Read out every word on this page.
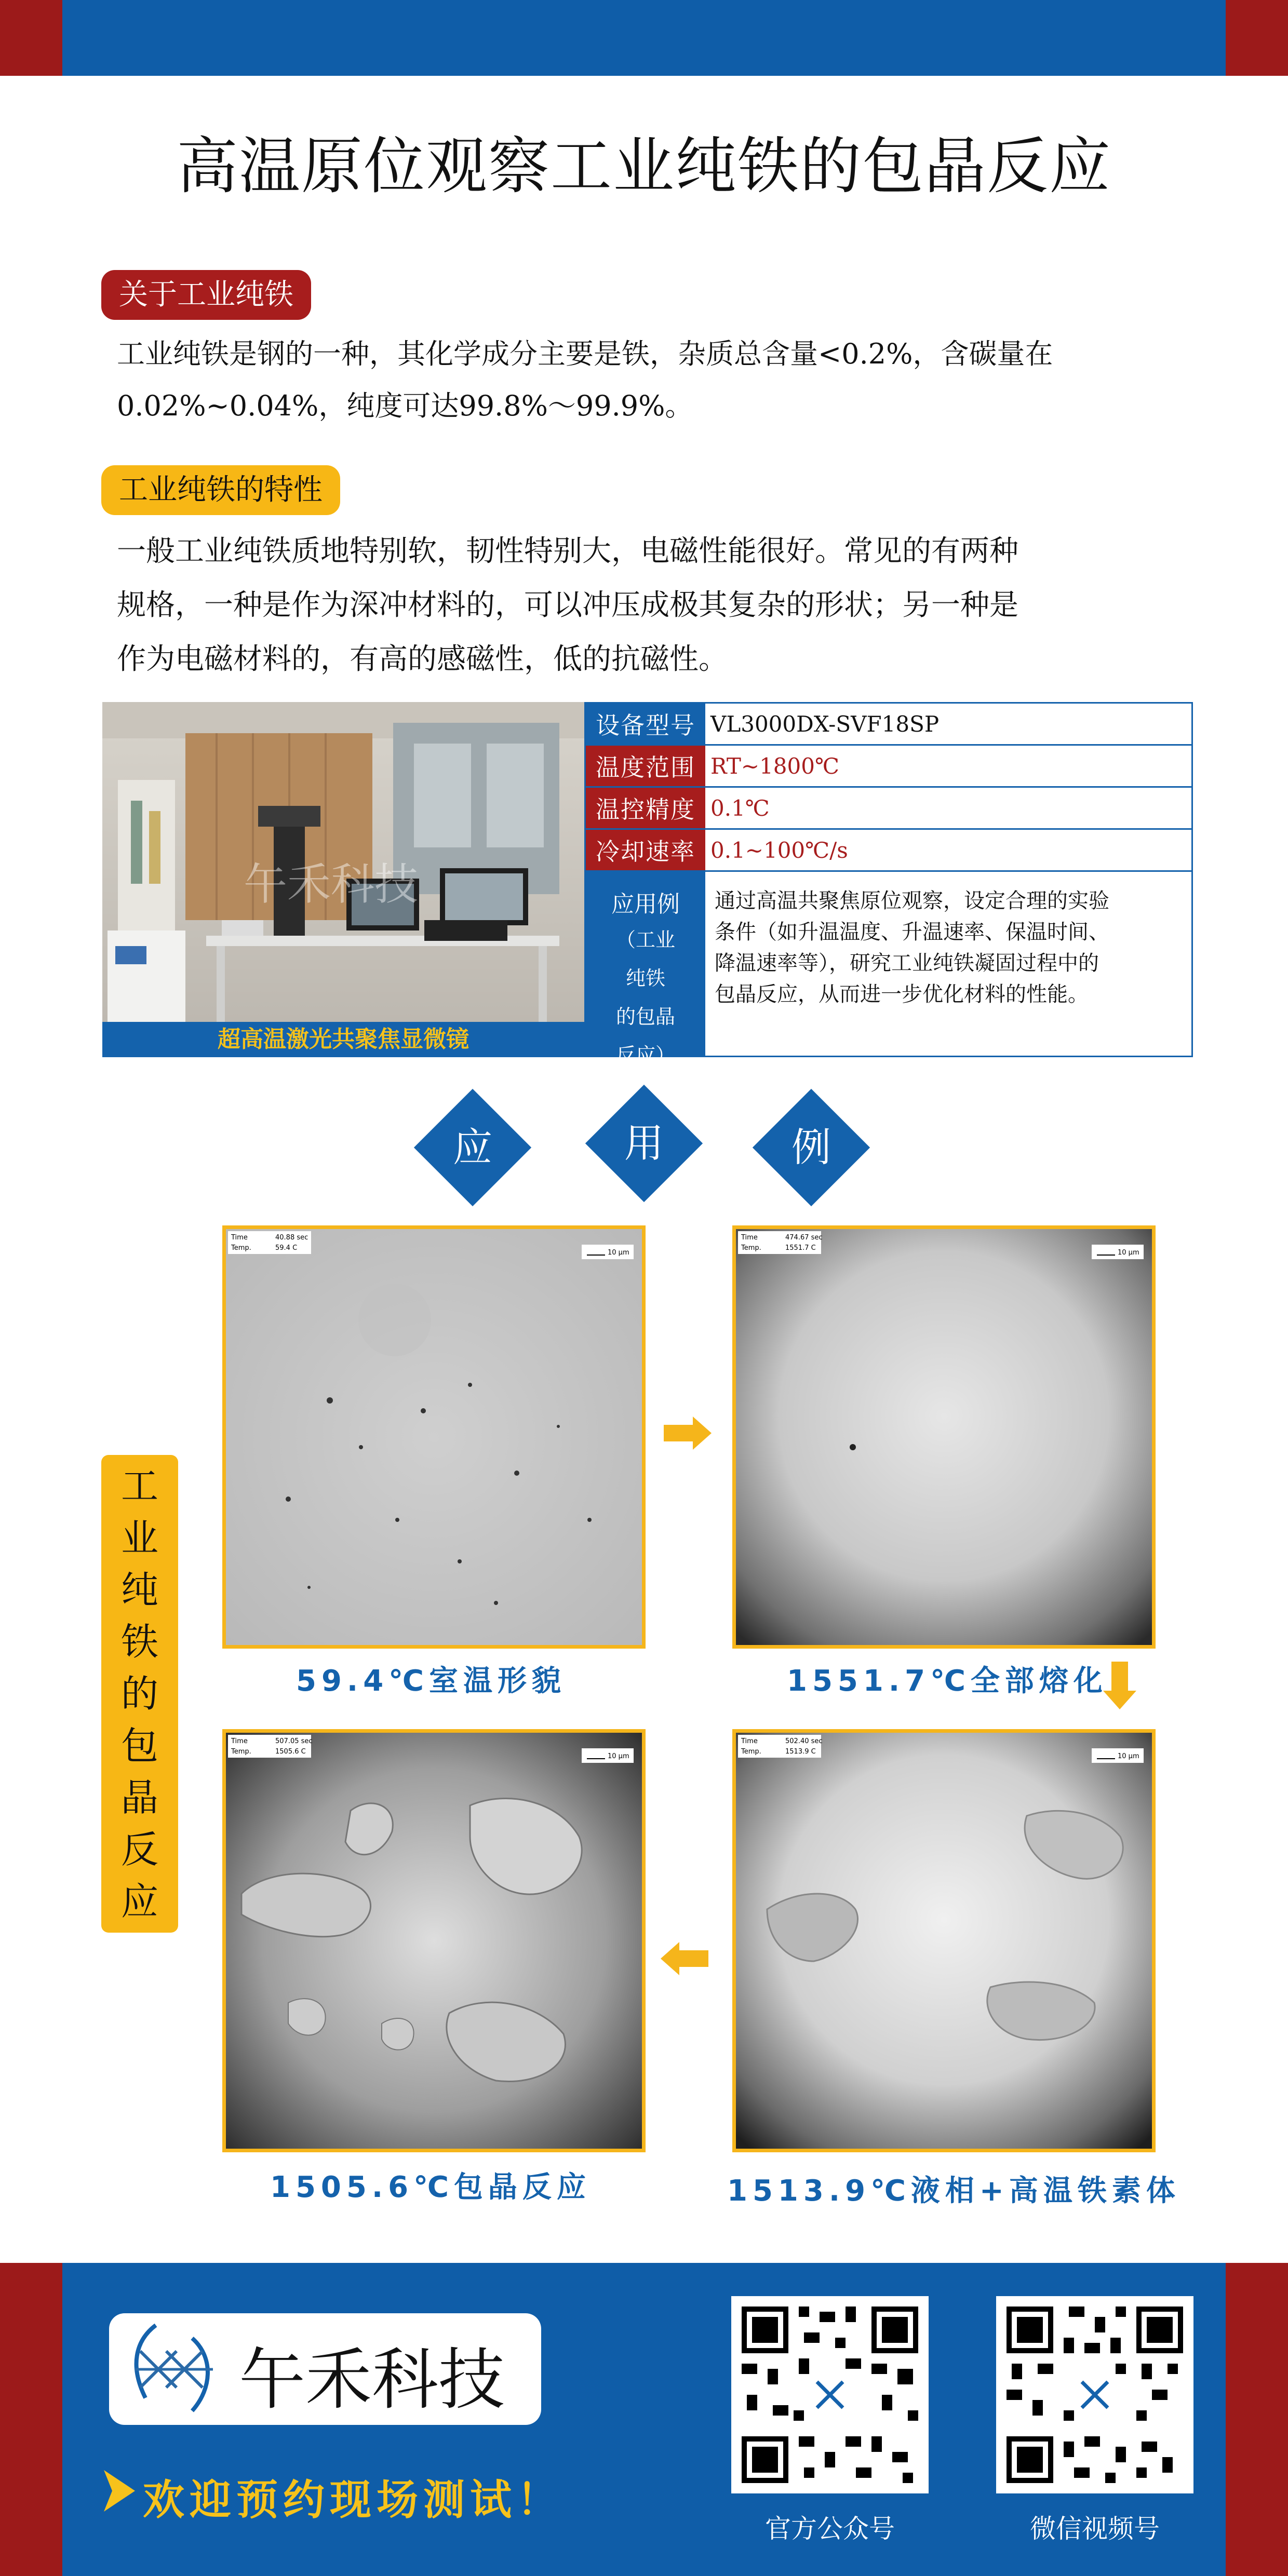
高温原位观察工业纯铁的包晶反应
关于工业纯铁
工业纯铁是钢的一种，其化学成分主要是铁，杂质总含量<0.2%，含碳量在
0.02%~0.04%，纯度可达99.8%～99.9%。
工业纯铁的特性
一般工业纯铁质地特别软，韧性特别大，电磁性能很好。常见的有两种
规格，一种是作为深冲材料的，可以冲压成极其复杂的形状；另一种是
作为电磁材料的，有高的感磁性，低的抗磁性。
午禾科技
超高温激光共聚焦显微镜
设备型号 VL3000DX-SVF18SP
温度范围 RT~1800℃
温控精度 0.1℃
冷却速率 0.1~100℃/s
应用例
（工业
纯铁
的包晶
反应）
通过高温共聚焦原位观察，设定合理的实验
条件（如升温温度、升温速率、保温时间、
降温速率等），研究工业纯铁凝固过程中的
包晶反应，从而进一步优化材料的性能。
应	用	例
工
业
纯
铁
的
包
晶
反
应
Time	40.88 sec
Temp.	59.4 C
10 μm
59.4℃室温形貌
Time	474.67 sec
Temp.	1551.7 C
10 μm
1551.7℃全部熔化
Time	502.40 sec
Temp.	1513.9 C
10 μm
1513.9℃液相+高温铁素体
Time	507.05 sec
Temp.	1505.6 C
10 μm
1505.6℃包晶反应
午禾科技
欢迎预约现场测试！
官方公众号	微信视频号
